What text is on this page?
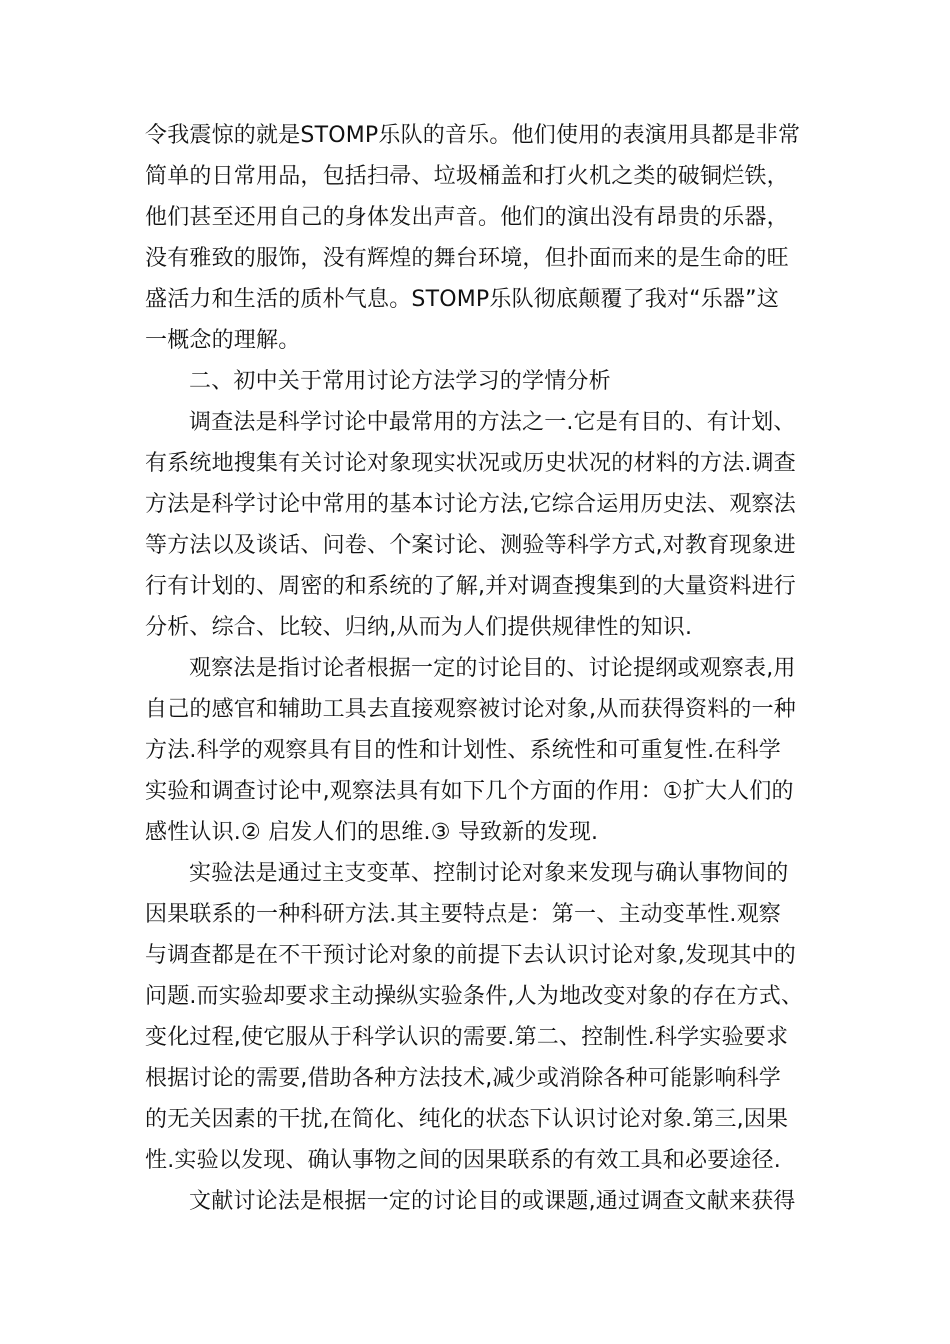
令我震惊的就是STOMP乐队的音乐。他们使用的表演用具都是非常
简单的日常用品，包括扫帚、垃圾桶盖和打火机之类的破铜烂铁，
他们甚至还用自己的身体发出声音。他们的演出没有昂贵的乐器，
没有雅致的服饰，没有辉煌的舞台环境，但扑面而来的是生命的旺
盛活力和生活的质朴气息。STOMP乐队彻底颠覆了我对“乐器”这
一概念的理解。
二、初中关于常用讨论方法学习的学情分析
调查法是科学讨论中最常用的方法之一.它是有目的、有计划、
有系统地搜集有关讨论对象现实状况或历史状况的材料的方法.调查
方法是科学讨论中常用的基本讨论方法,它综合运用历史法、观察法
等方法以及谈话、问卷、个案讨论、测验等科学方式,对教育现象进
行有计划的、周密的和系统的了解,并对调查搜集到的大量资料进行
分析、综合、比较、归纳,从而为人们提供规律性的知识.
观察法是指讨论者根据一定的讨论目的、讨论提纲或观察表,用
自己的感官和辅助工具去直接观察被讨论对象,从而获得资料的一种
方法.科学的观察具有目的性和计划性、系统性和可重复性.在科学
实验和调查讨论中,观察法具有如下几个方面的作用：①扩大人们的
感性认识.② 启发人们的思维.③ 导致新的发现.
实验法是通过主支变革、控制讨论对象来发现与确认事物间的
因果联系的一种科研方法.其主要特点是：第一、主动变革性.观察
与调查都是在不干预讨论对象的前提下去认识讨论对象,发现其中的
问题.而实验却要求主动操纵实验条件,人为地改变对象的存在方式、
变化过程,使它服从于科学认识的需要.第二、控制性.科学实验要求
根据讨论的需要,借助各种方法技术,减少或消除各种可能影响科学
的无关因素的干扰,在简化、纯化的状态下认识讨论对象.第三,因果
性.实验以发现、确认事物之间的因果联系的有效工具和必要途径.
文献讨论法是根据一定的讨论目的或课题,通过调查文献来获得
